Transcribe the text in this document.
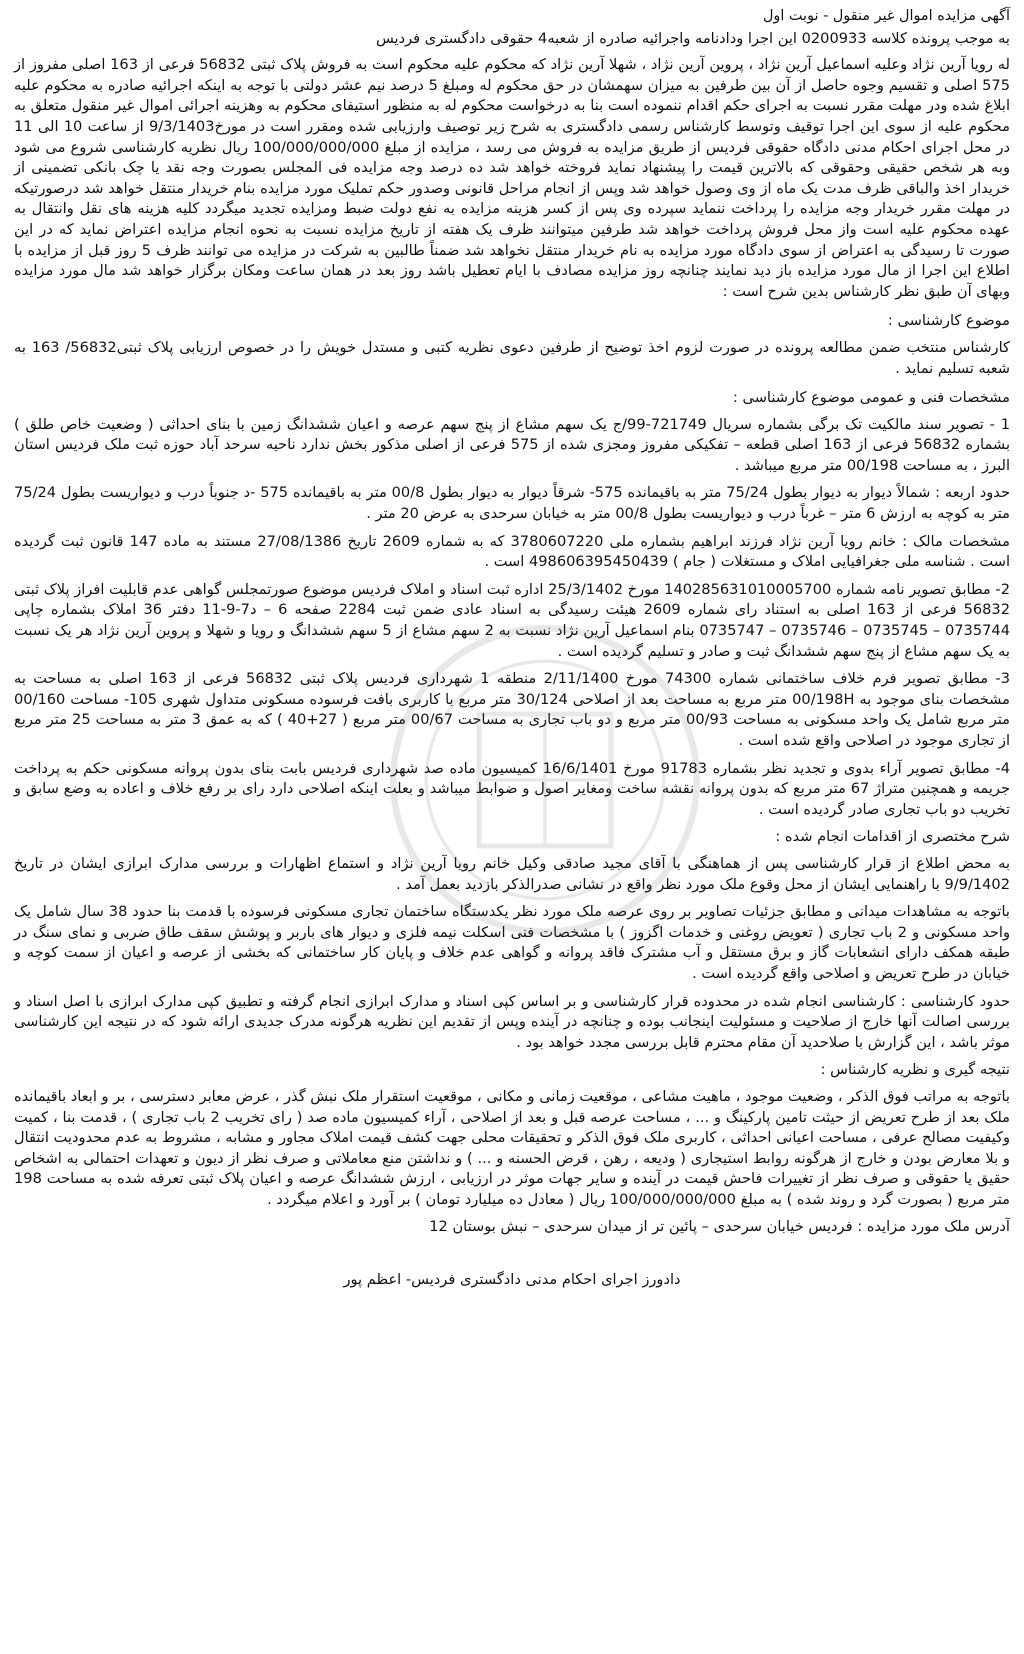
آگهی مزایده اموال غیر منقول - نوبت اول

به موجب پرونده کلاسه 0200933 این اجرا ودادنامه واجرائیه صادره از شعبه4 حقوقی دادگستری فردیس

له رویا آرین نژاد وعلیه اسماعیل آرین نژاد ، پروین آرین نژاد ، شهلا آرین نژاد که محکوم علیه محکوم است به فروش پلاک ثبتی 56832 فرعی از 163 اصلی مفروز از 575 اصلی و تقسیم وجوه حاصل از آن بین طرفین به میزان سهمشان در حق محکوم له ومبلغ 5 درصد نیم عشر دولتی با توجه به اینکه اجرائیه صادره به محکوم علیه ابلاغ شده ودر مهلت مقرر نسبت به اجرای حکم اقدام ننموده است بنا به درخواست محکوم له به منظور استیفای محکوم به وهزینه اجرائی اموال غیر منقول متعلق به محکوم علیه از سوی این اجرا توقیف وتوسط کارشناس رسمی دادگستری به شرح زیر توصیف وارزیابی شده ومقرر است در مورخ9/3/1403 از ساعت 10 الی 11 در محل اجرای احکام مدنی دادگاه حقوقی فردیس از طریق مزایده به فروش می رسد ، مزایده از مبلغ 100/000/000/000 ریال نظریه کارشناسی شروع می شود وبه هر شخص حقیقی وحقوقی که بالاترین قیمت را پیشنهاد نماید فروخته خواهد شد ده درصد وجه مزایده فی المجلس بصورت وجه نقد یا چک بانکی تضمینی از خریدار اخذ والباقی ظرف مدت یک ماه از وی وصول خواهد شد وپس از انجام مراحل قانونی وصدور حکم تملیک مورد مزایده بنام خریدار منتقل خواهد شد درصورتیکه در مهلت مقرر خریدار وجه مزایده را پرداخت ننماید سپرده وی پس از کسر هزینه مزایده به نفع دولت ضبط ومزایده تجدید میگردد کلیه هزینه های نقل وانتقال به عهده محکوم علیه است واز محل فروش پرداخت خواهد شد طرفین میتوانند ظرف یک هفته از تاریخ مزایده نسبت به نحوه انجام مزایده اعتراض نماید که در این صورت تا رسیدگی به اعتراض از سوی دادگاه مورد مزایده به نام خریدار منتقل نخواهد شد ضمناً طالبین به شرکت در مزایده می توانند ظرف 5 روز قبل از مزایده با اطلاع این اجرا از مال مورد مزایده باز دید نمایند چنانچه روز مزایده مصادف با ایام تعطیل باشد روز بعد در همان ساعت ومکان برگزار خواهد شد مال مورد مزایده وبهای آن طبق نظر کارشناس بدین شرح است :

موضوع کارشناسی :

کارشناس منتخب ضمن مطالعه پرونده در صورت لزوم اخذ توضیح از طرفین دعوی نظریه کتبی و مستدل خویش را در خصوص ارزیابی پلاک ثبتی56832/ 163 به شعبه تسلیم نماید .

مشخصات فنی و عمومی موضوع کارشناسی :

1 - تصویر سند مالکیت تک برگی بشماره سریال 721749-99/ج یک سهم مشاع از پنج سهم عرصه و اعیان ششدانگ زمین با بنای احداثی ( وضعیت خاص طلق ) بشماره 56832 فرعی از 163 اصلی قطعه – تفکیکی مفروز ومجزی شده از 575 فرعی از اصلی مذکور بخش ندارد ناحیه سرحد آباد حوزه ثبت ملک فردیس استان البرز ، به مساحت 00/198 متر مربع میباشد .

حدود اربعه : شمالاً دیوار به دیوار بطول 75/24 متر به باقیمانده 575- شرقاً دیوار به دیوار بطول 00/8 متر به باقیمانده 575 -د جنوباً درب و دیواریست بطول 75/24 متر به کوچه به ارزش 6 متر – غرباً درب و دیواریست بطول 00/8 متر به خیابان سرحدی به عرض 20 متر .

مشخصات مالک : خانم رویا آرین نژاد فرزند ابراهیم بشماره ملی 3780607220 که به شماره 2609 تاریخ 27/08/1386 مستند به ماده 147 قانون ثبت گردیده است . شناسه ملی جغرافیایی املاک و مستغلات ( جام ) 498606395450439 است .

2- مطابق تصویر نامه شماره 140285631010005700 مورخ 25/3/1402 اداره ثبت اسناد و املاک فردیس موضوع صورتمجلس گواهی عدم قابلیت افراز پلاک ثبتی 56832 فرعی از 163 اصلی به استناد رای شماره 2609 هیئت رسیدگی به اسناد عادی ضمن ثبت 2284 صفحه 6 – د7-9-11 دفتر 36 املاک بشماره چاپی 0735744 – 0735745 – 0735746 – 0735747 بنام اسماعیل آرین نژاد نسبت به 2 سهم مشاع از 5 سهم ششدانگ و رویا و شهلا و پروین آرین نژاد هر یک نسبت به یک سهم مشاع از پنج سهم ششدانگ ثبت و صادر و تسلیم گردیده است .

3- مطابق تصویر فرم خلاف ساختمانی شماره 74300 مورخ 2/11/1400 منطقه 1 شهرداری فردیس پلاک ثبتی 56832 فرعی از 163 اصلی به مساحت به مشخصات بنای موجود به 00/198H متر مربع به مساحت بعد از اصلاحی 30/124 متر مربع با کاربری بافت فرسوده مسکونی متداول شهری 105- مساحت 00/160 متر مربع شامل یک واحد مسکونی به مساحت 00/93 متر مربع و دو باب تجاری به مساحت 00/67 متر مربع ( 27+40 ) که به عمق 3 متر به مساحت 25 متر مربع از تجاری موجود در اصلاحی واقع شده است .

4- مطابق تصویر آراء بدوی و تجدید نظر بشماره 91783 مورخ 16/6/1401 کمیسیون ماده صد شهرداری فردیس بابت بنای بدون پروانه مسکونی حکم به پرداخت جریمه و همچنین متراژ 67 متر مربع که بدون پروانه نقشه ساخت ومغایر اصول و ضوابط میباشد و بعلت اینکه اصلاحی دارد رای بر رفع خلاف و اعاده به وضع سابق و تخریب دو باب تجاری صادر گردیده است .

شرح مختصری از اقدامات انجام شده :

به محض اطلاع از قرار کارشناسی پس از هماهنگی با آقای مجید صادقی وکیل خانم رویا آرین نژاد و استماع اظهارات و بررسی مدارک ابرازی ایشان در تاریخ 9/9/1402 با راهنمایی ایشان از محل وقوع ملک مورد نظر واقع در نشانی صدرالذکر بازدید بعمل آمد .

باتوجه به مشاهدات میدانی و مطابق جزئیات تصاویر بر روی عرصه ملک مورد نظر یکدستگاه ساختمان تجاری مسکونی فرسوده با قدمت بنا حدود 38 سال شامل یک واحد مسکونی و 2 باب تجاری ( تعویض روغنی و خدمات اگزوز ) با مشخصات فنی اسکلت نیمه فلزی و دیوار های باربر و پوشش سقف طاق ضربی و نمای سنگ در طبقه همکف دارای انشعابات گاز و برق مستقل و آب مشترک فاقد پروانه و گواهی عدم خلاف و پایان کار ساختمانی که بخشی از عرصه و اعیان از سمت کوچه و خیابان در طرح تعریض و اصلاحی واقع گردیده است .

حدود کارشناسی : کارشناسی انجام شده در محدوده قرار کارشناسی و بر اساس کپی اسناد و مدارک ابرازی انجام گرفته و تطبیق کپی مدارک ابرازی با اصل اسناد و بررسی اصالت آنها خارج از صلاحیت و مسئولیت اینجانب بوده و چنانچه در آینده وپس از تقدیم این نظریه هرگونه مدرک جدیدی ارائه شود که در نتیجه این کارشناسی موثر باشد ، این گزارش با صلاحدید آن مقام محترم قابل بررسی مجدد خواهد بود .

نتیجه گیری و نظریه کارشناس :

باتوجه به مراتب فوق الذکر ، وضعیت موجود ، ماهیت مشاعی ، موقعیت زمانی و مکانی ، موقعیت استقرار ملک نبش گذر ، عرض معابر دسترسی ، بر و ابعاد باقیمانده ملک بعد از طرح تعریض از حیثت تامین پارکینگ و ... ، مساحت عرصه قبل و بعد از اصلاحی ، آراء کمیسیون ماده صد ( رای تخریب 2 باب تجاری ) ، قدمت بنا ، کمیت وکیفیت مصالح عرفی ، مساحت اعیانی احداثی ، کاربری ملک فوق الذکر و تحقیقات محلی جهت کشف قیمت املاک مجاور و مشابه ، مشروط به عدم محدودیت انتقال و بلا معارض بودن و خارج از هرگونه روابط استیجاری ( ودیعه ، رهن ، قرض الحسنه و ... ) و نداشتن منع معاملاتی و صرف نظر از دیون و تعهدات احتمالی به اشخاص حقیق یا حقوقی و صرف نظر از تغییرات فاحش قیمت در آینده و سایر جهات موثر در ارزیابی ، ارزش ششدانگ عرصه و اعیان پلاک ثبتی تعرفه شده به مساحت 198 متر مربع ( بصورت گرد و روند شده ) به مبلغ 100/000/000/000 ریال ( معادل ده میلیارد تومان ) بر آورد و اعلام میگردد .

آدرس ملک مورد مزایده : فردیس خیابان سرحدی – پائین تر از میدان سرحدی – نبش بوستان 12

دادورز اجرای احکام مدنی دادگستری فردیس- اعظم پور
